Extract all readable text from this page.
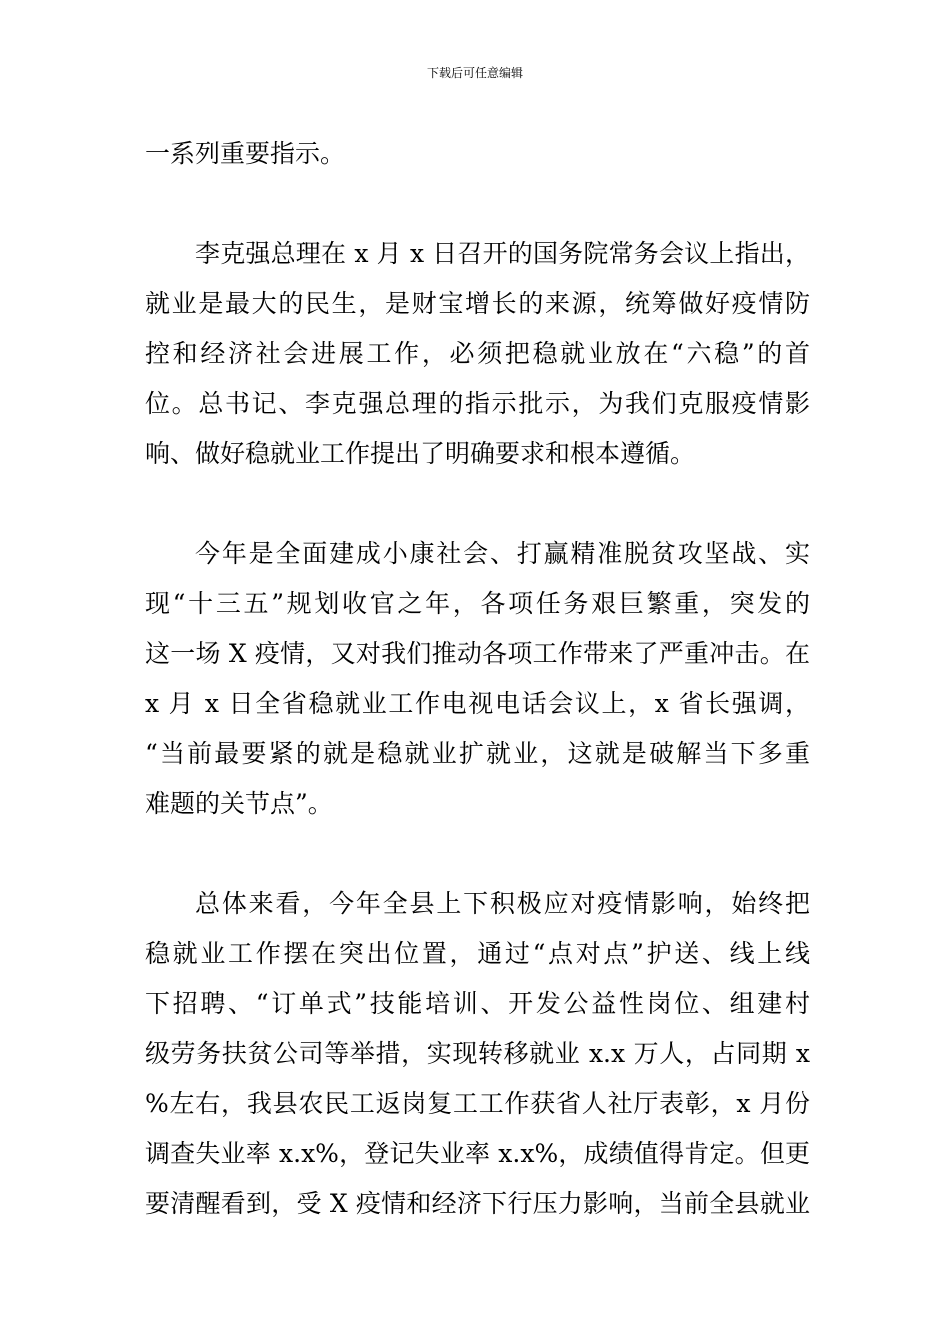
下载后可任意编辑
一系列重要指示。
李克强总理在 x 月 x 日召开的国务院常务会议上指出，
就业是最大的民生，是财宝增长的来源，统筹做好疫情防
控和经济社会进展工作，必须把稳就业放在“六稳”的首
位。总书记、李克强总理的指示批示，为我们克服疫情影
响、做好稳就业工作提出了明确要求和根本遵循。
今年是全面建成小康社会、打赢精准脱贫攻坚战、实
现“十三五”规划收官之年，各项任务艰巨繁重，突发的
这一场 X 疫情，又对我们推动各项工作带来了严重冲击。在
x 月 x 日全省稳就业工作电视电话会议上，x 省长强调，
“当前最要紧的就是稳就业扩就业，这就是破解当下多重
难题的关节点”。
总体来看，今年全县上下积极应对疫情影响，始终把
稳就业工作摆在突出位置，通过“点对点”护送、线上线
下招聘、“订单式”技能培训、开发公益性岗位、组建村
级劳务扶贫公司等举措，实现转移就业 x.x 万人，占同期 x
%左右，我县农民工返岗复工工作获省人社厅表彰，x 月份
调查失业率 x.x%，登记失业率 x.x%，成绩值得肯定。但更
要清醒看到，受 X 疫情和经济下行压力影响，当前全县就业
